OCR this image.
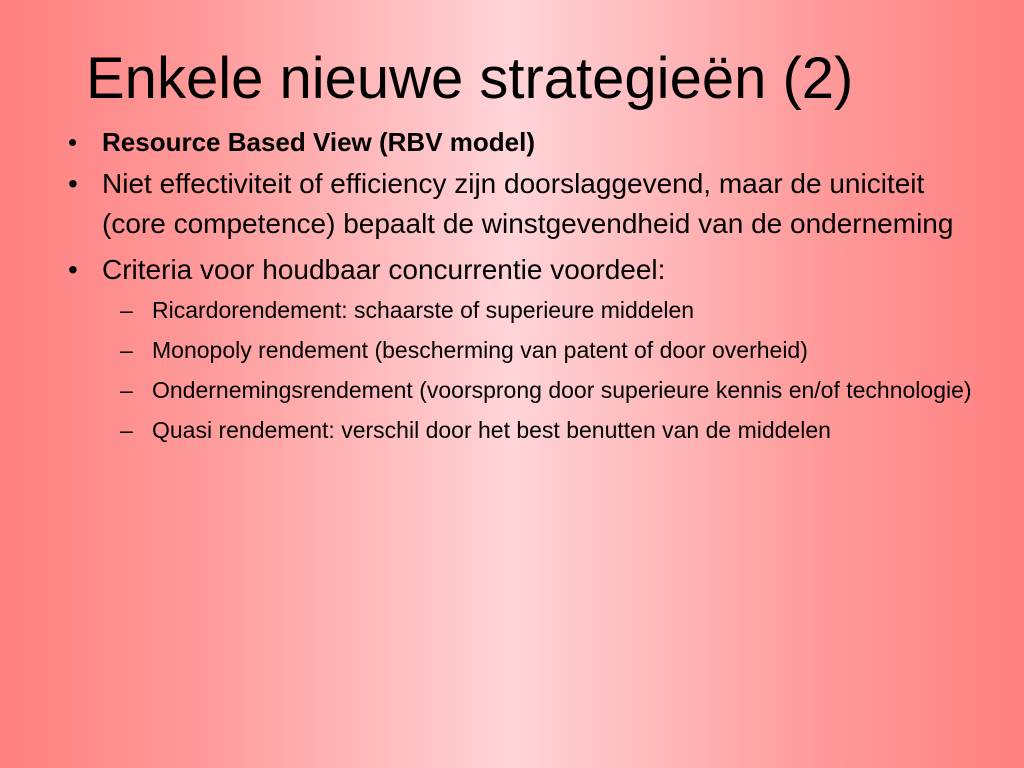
Enkele nieuwe strategieën (2)
• Resource Based View (RBV model)
• Niet effectiviteit of efficiency zijn doorslaggevend, maar de uniciteit (core competence) bepaalt de winstgevendheid van de onderneming
• Criteria voor houdbaar concurrentie voordeel:
– Ricardorendement: schaarste of superieure middelen
– Monopoly rendement (bescherming van patent of door overheid)
– Ondernemingsrendement (voorsprong door superieure kennis en/of technologie)
– Quasi rendement: verschil door het best benutten van de middelen
